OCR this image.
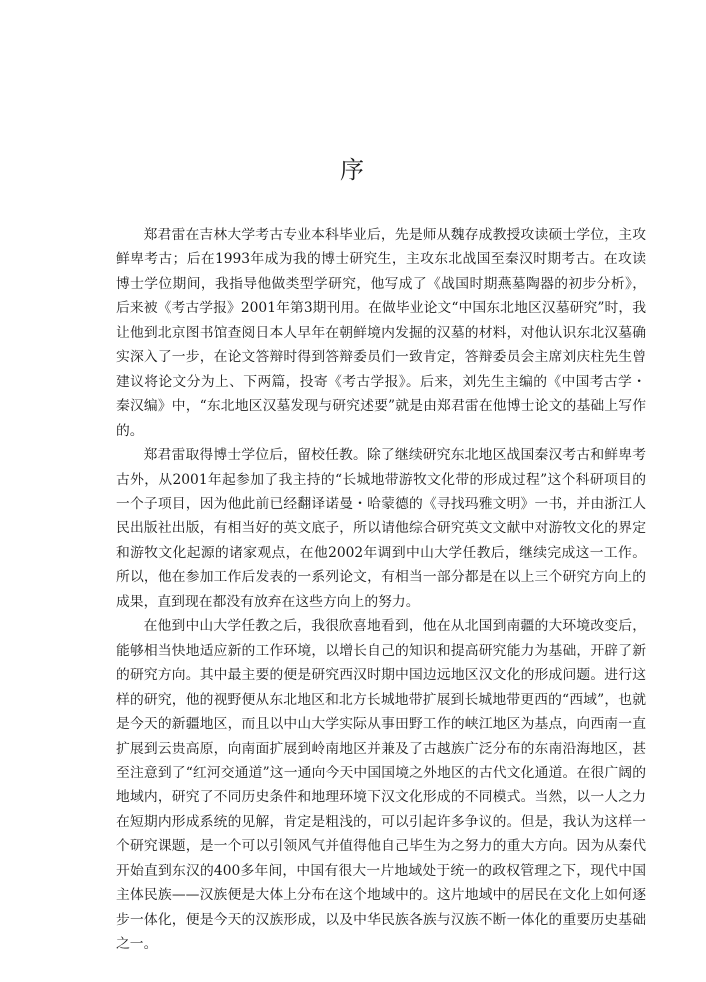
序

郑君雷在吉林大学考古专业本科毕业后，先是师从魏存成教授攻读硕士学位，主攻鲜卑考古；后在1993年成为我的博士研究生，主攻东北战国至秦汉时期考古。在攻读博士学位期间，我指导他做类型学研究，他写成了《战国时期燕墓陶器的初步分析》，后来被《考古学报》2001年第3期刊用。在做毕业论文“中国东北地区汉墓研究”时，我让他到北京图书馆查阅日本人早年在朝鲜境内发掘的汉墓的材料，对他认识东北汉墓确实深入了一步，在论文答辩时得到答辩委员们一致肯定，答辩委员会主席刘庆柱先生曾建议将论文分为上、下两篇，投寄《考古学报》。后来，刘先生主编的《中国考古学・秦汉编》中，“东北地区汉墓发现与研究述要”就是由郑君雷在他博士论文的基础上写作的。

郑君雷取得博士学位后，留校任教。除了继续研究东北地区战国秦汉考古和鲜卑考古外，从2001年起参加了我主持的“长城地带游牧文化带的形成过程”这个科研项目的一个子项目，因为他此前已经翻译诺曼・哈蒙德的《寻找玛雅文明》一书，并由浙江人民出版社出版，有相当好的英文底子，所以请他综合研究英文文献中对游牧文化的界定和游牧文化起源的诸家观点，在他2002年调到中山大学任教后，继续完成这一工作。所以，他在参加工作后发表的一系列论文，有相当一部分都是在以上三个研究方向上的成果，直到现在都没有放弃在这些方向上的努力。

在他到中山大学任教之后，我很欣喜地看到，他在从北国到南疆的大环境改变后，能够相当快地适应新的工作环境，以增长自己的知识和提高研究能力为基础，开辟了新的研究方向。其中最主要的便是研究西汉时期中国边远地区汉文化的形成问题。进行这样的研究，他的视野便从东北地区和北方长城地带扩展到长城地带更西的“西域”，也就是今天的新疆地区，而且以中山大学实际从事田野工作的峡江地区为基点，向西南一直扩展到云贵高原，向南面扩展到岭南地区并兼及了古越族广泛分布的东南沿海地区，甚至注意到了“红河交通道”这一通向今天中国国境之外地区的古代文化通道。在很广阔的地域内，研究了不同历史条件和地理环境下汉文化形成的不同模式。当然，以一人之力在短期内形成系统的见解，肯定是粗浅的，可以引起许多争议的。但是，我认为这样一个研究课题，是一个可以引领风气并值得他自己毕生为之努力的重大方向。因为从秦代开始直到东汉的400多年间，中国有很大一片地域处于统一的政权管理之下，现代中国主体民族——汉族便是大体上分布在这个地域中的。这片地域中的居民在文化上如何逐步一体化，便是今天的汉族形成，以及中华民族各族与汉族不断一体化的重要历史基础之一。
